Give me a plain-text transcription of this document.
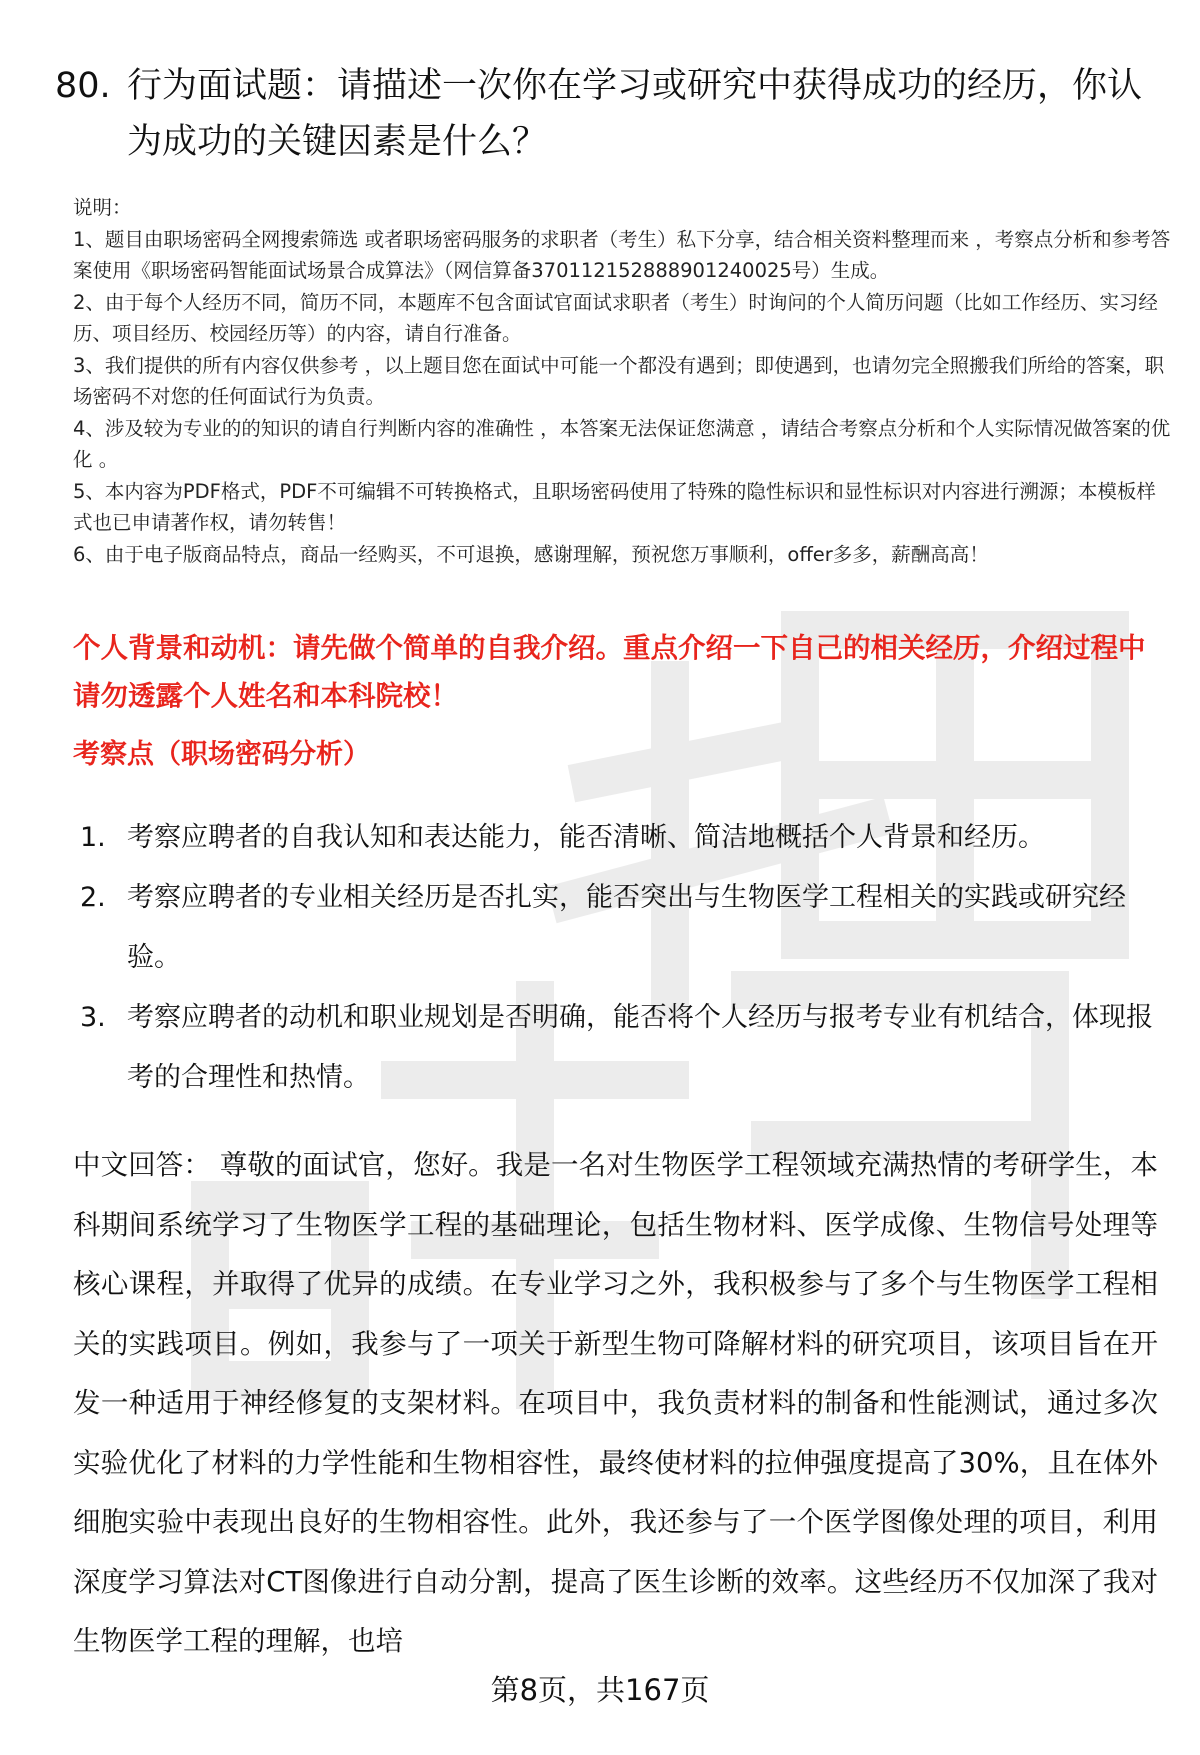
80. 行为面试题：请描述一次你在学习或研究中获得成功的经历，你认为成功的关键因素是什么？

说明：

1、题目由职场密码全网搜索筛选 或者职场密码服务的求职者（考生）私下分享，结合相关资料整理而来 ，考察点分析和参考答案使用《职场密码智能面试场景合成算法》（网信算备370112152888901240025号）生成。

2、由于每个人经历不同，简历不同，本题库不包含面试官面试求职者（考生）时询问的个人简历问题（比如工作经历、实习经历、项目经历、校园经历等）的内容，请自行准备。

3、我们提供的所有内容仅供参考 ，以上题目您在面试中可能一个都没有遇到；即使遇到，也请勿完全照搬我们所给的答案，职场密码不对您的任何面试行为负责。

4、涉及较为专业的的知识的请自行判断内容的准确性 ，本答案无法保证您满意 ，请结合考察点分析和个人实际情况做答案的优化 。

5、本内容为PDF格式，PDF不可编辑不可转换格式，且职场密码使用了特殊的隐性标识和显性标识对内容进行溯源；本模板样式也已申请著作权，请勿转售！

6、由于电子版商品特点，商品一经购买，不可退换，感谢理解，预祝您万事顺利，offer多多，薪酬高高！

个人背景和动机：请先做个简单的自我介绍。重点介绍一下自己的相关经历，介绍过程中请勿透露个人姓名和本科院校！
考察点（职场密码分析）
1. 考察应聘者的自我认知和表达能力，能否清晰、简洁地概括个人背景和经历。
2. 考察应聘者的专业相关经历是否扎实，能否突出与生物医学工程相关的实践或研究经验。
3. 考察应聘者的动机和职业规划是否明确，能否将个人经历与报考专业有机结合，体现报考的合理性和热情。

中文回答： 尊敬的面试官，您好。我是一名对生物医学工程领域充满热情的考研学生，本科期间系统学习了生物医学工程的基础理论，包括生物材料、医学成像、生物信号处理等核心课程，并取得了优异的成绩。在专业学习之外，我积极参与了多个与生物医学工程相关的实践项目。例如，我参与了一项关于新型生物可降解材料的研究项目，该项目旨在开发一种适用于神经修复的支架材料。在项目中，我负责材料的制备和性能测试，通过多次实验优化了材料的力学性能和生物相容性，最终使材料的拉伸强度提高了30%，且在体外细胞实验中表现出良好的生物相容性。此外，我还参与了一个医学图像处理的项目，利用深度学习算法对CT图像进行自动分割，提高了医生诊断的效率。这些经历不仅加深了我对生物医学工程的理解，也培

第8页，共167页
